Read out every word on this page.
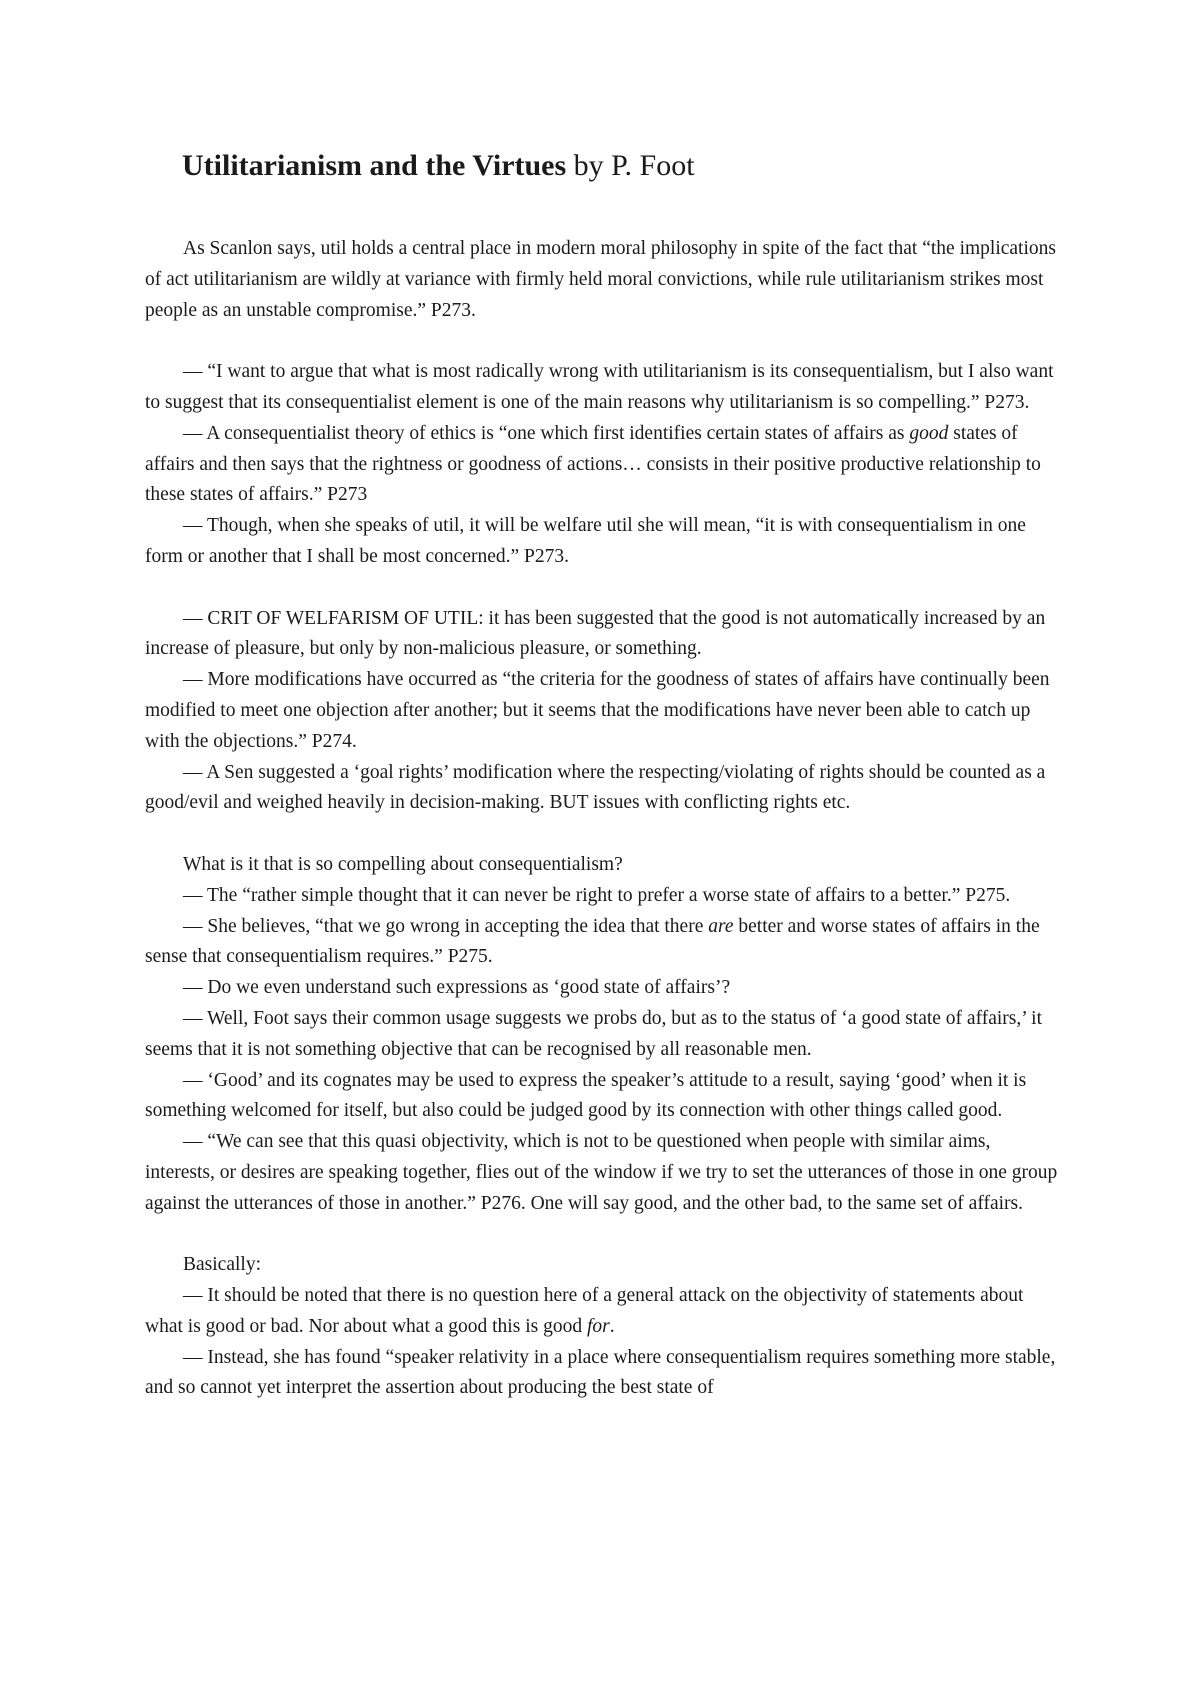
Utilitarianism and the Virtues by P. Foot

As Scanlon says, util holds a central place in modern moral philosophy in spite of the fact that “the implications of act utilitarianism are wildly at variance with firmly held moral convictions, while rule utilitarianism strikes most people as an unstable compromise.” P273.

— “I want to argue that what is most radically wrong with utilitarianism is its consequentialism, but I also want to suggest that its consequentialist element is one of the main reasons why utilitarianism is so compelling.” P273.

— A consequentialist theory of ethics is “one which first identifies certain states of affairs as good states of affairs and then says that the rightness or goodness of actions… consists in their positive productive relationship to these states of affairs.” P273

— Though, when she speaks of util, it will be welfare util she will mean, “it is with consequentialism in one form or another that I shall be most concerned.” P273.

— CRIT OF WELFARISM OF UTIL: it has been suggested that the good is not automatically increased by an increase of pleasure, but only by non-malicious pleasure, or something.

— More modifications have occurred as “the criteria for the goodness of states of affairs have continually been modified to meet one objection after another; but it seems that the modifications have never been able to catch up with the objections.” P274.

— A Sen suggested a ‘goal rights’ modification where the respecting/violating of rights should be counted as a good/evil and weighed heavily in decision-making. BUT issues with conflicting rights etc.

What is it that is so compelling about consequentialism?

— The “rather simple thought that it can never be right to prefer a worse state of affairs to a better.” P275.

— She believes, “that we go wrong in accepting the idea that there are better and worse states of affairs in the sense that consequentialism requires.” P275.

— Do we even understand such expressions as ‘good state of affairs’?

— Well, Foot says their common usage suggests we probs do, but as to the status of ‘a good state of affairs,’ it seems that it is not something objective that can be recognised by all reasonable men.

— ‘Good’ and its cognates may be used to express the speaker’s attitude to a result, saying ‘good’ when it is something welcomed for itself, but also could be judged good by its connection with other things called good.

— “We can see that this quasi objectivity, which is not to be questioned when people with similar aims, interests, or desires are speaking together, flies out of the window if we try to set the utterances of those in one group against the utterances of those in another.” P276. One will say good, and the other bad, to the same set of affairs.

Basically:

— It should be noted that there is no question here of a general attack on the objectivity of statements about what is good or bad. Nor about what a good this is good for.

— Instead, she has found “speaker relativity in a place where consequentialism requires something more stable, and so cannot yet interpret the assertion about producing the best state of
